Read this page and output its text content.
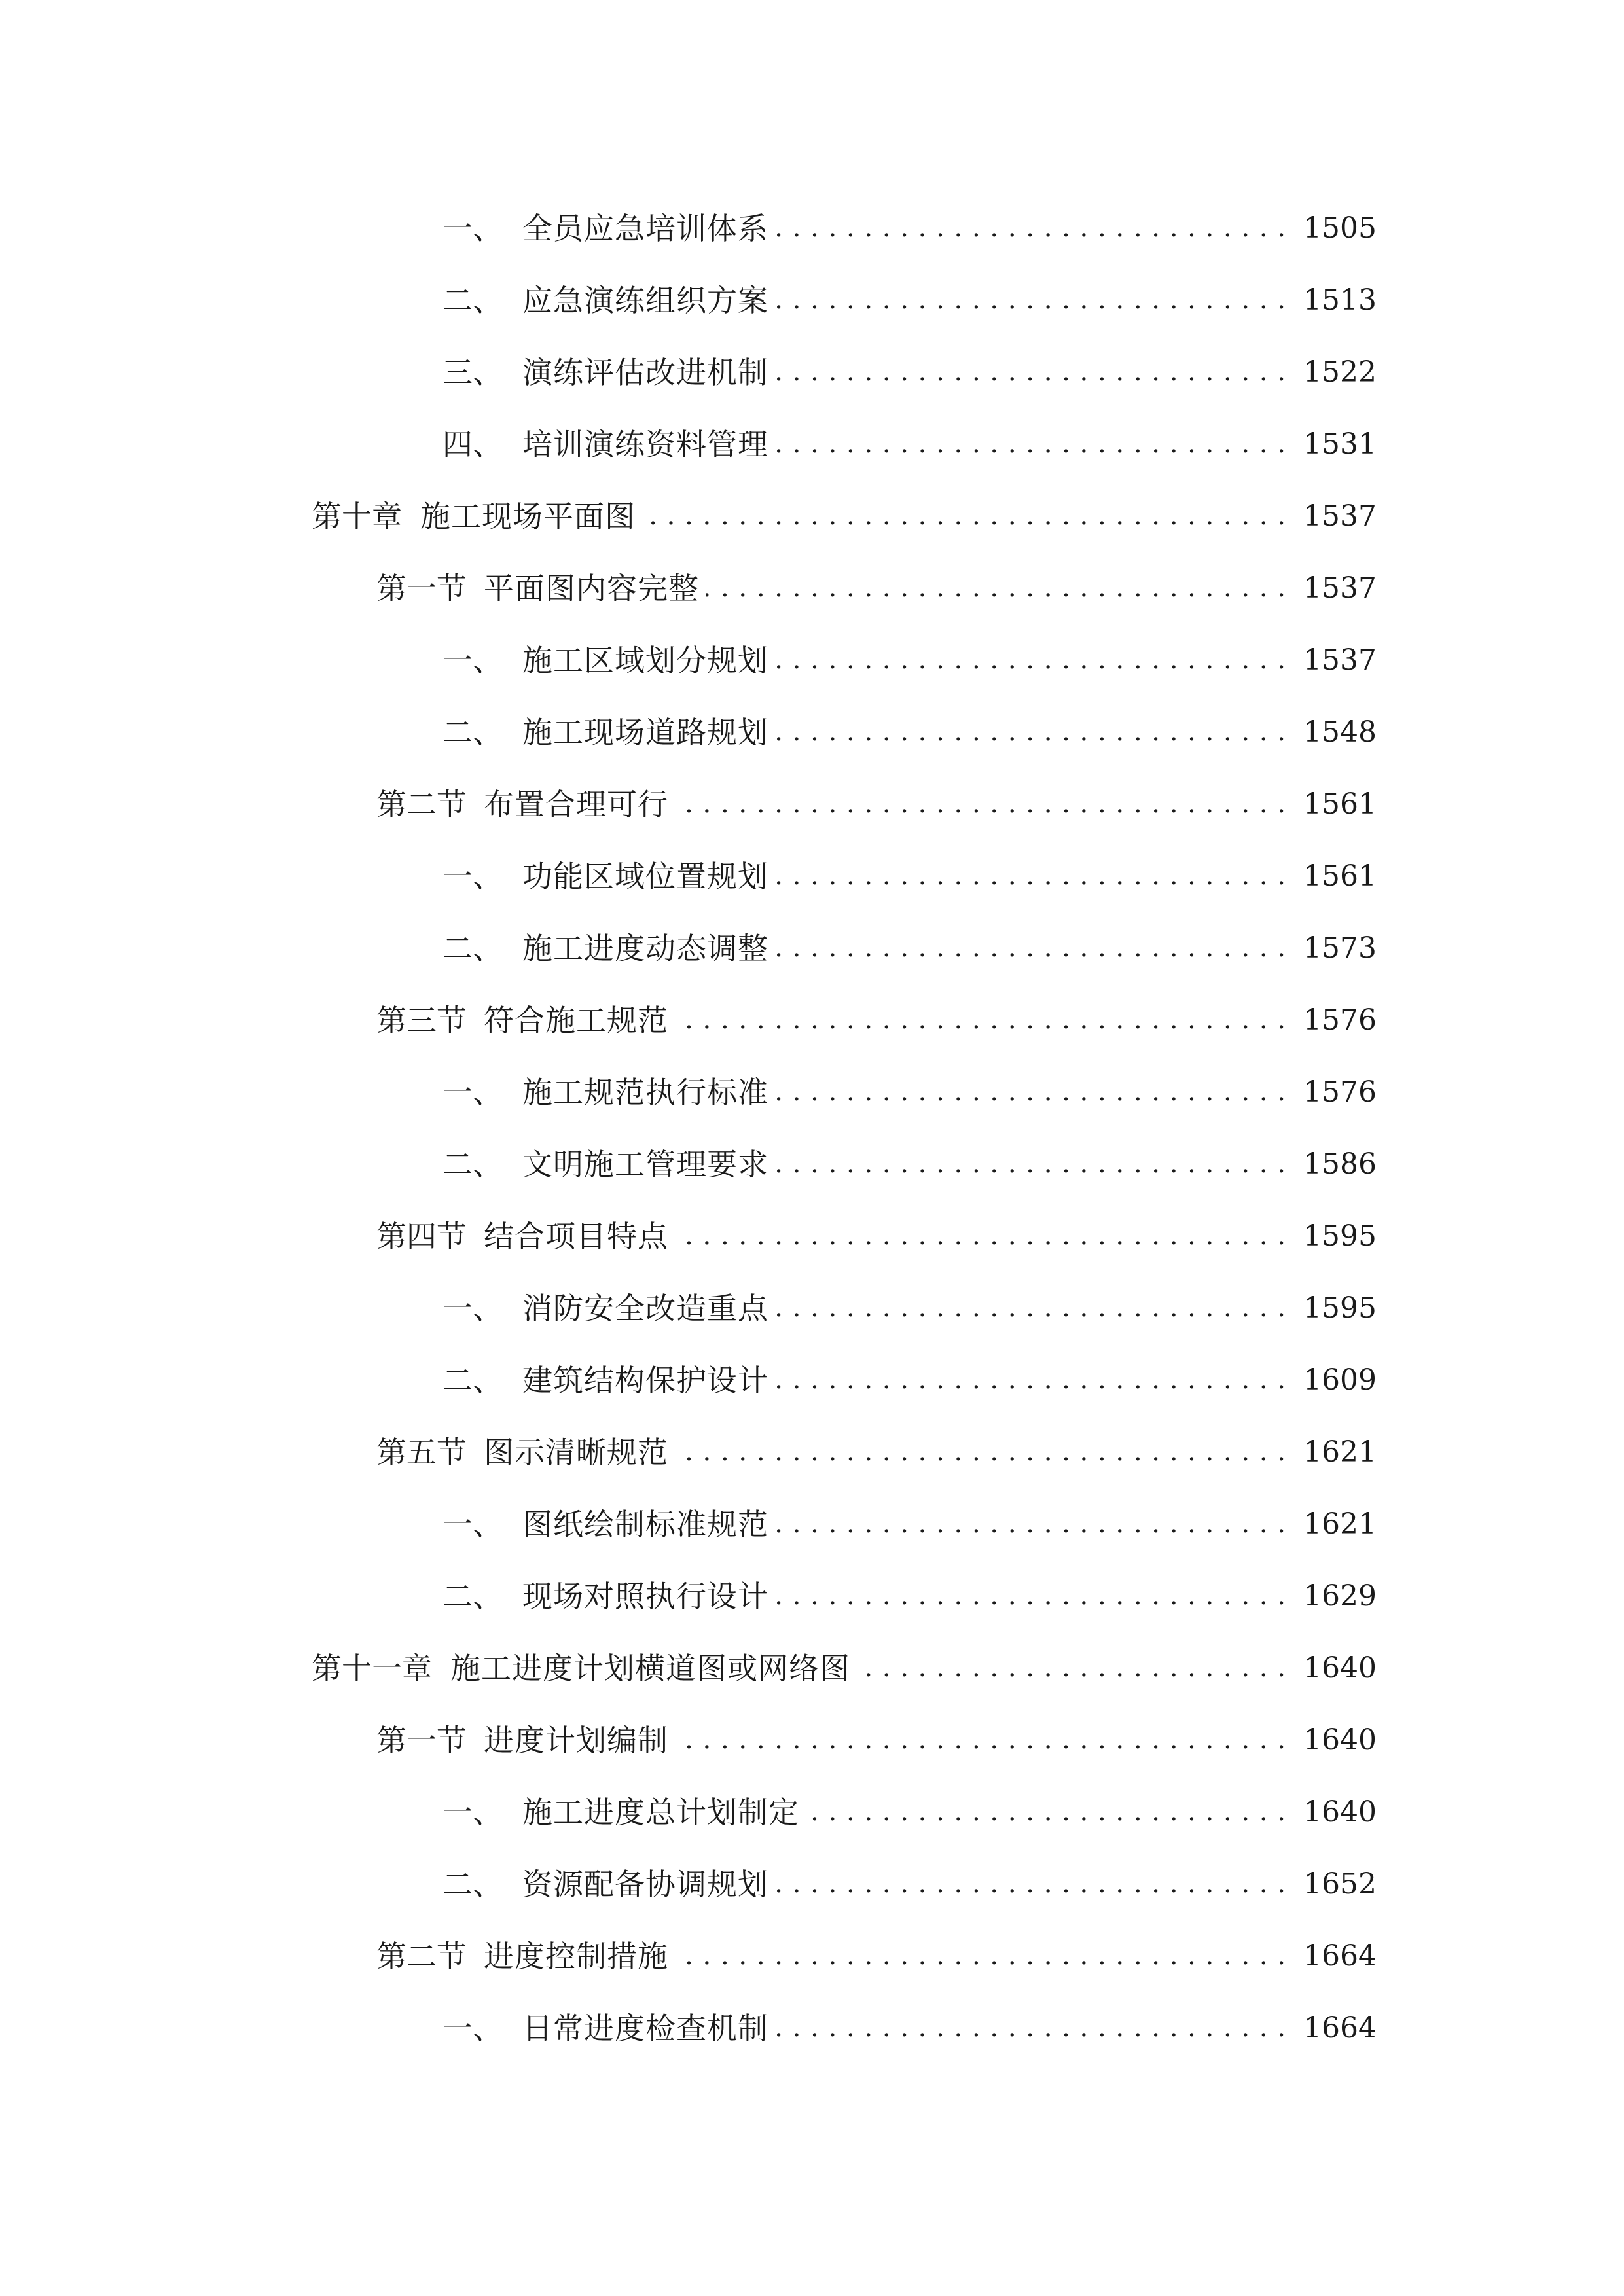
一、 全员应急培训体系 . . .	1505
二、 应急演练组织方案 . . .	1513
三、 演练评估改进机制 . . .	1522
四、 培训演练资料管理 . . .	1531
第十章 施工现场平面图 . . .	1537
第一节 平面图内容完整 . . .	1537
一、 施工区域划分规划 . . .	1537
二、 施工现场道路规划 . . .	1548
第二节 布置合理可行 . . .	1561
一、 功能区域位置规划 . . .	1561
二、 施工进度动态调整 . . .	1573
第三节 符合施工规范 . . .	1576
一、 施工规范执行标准 . . .	1576
二、 文明施工管理要求 . . .	1586
第四节 结合项目特点 . . .	1595
一、 消防安全改造重点 . . .	1595
二、 建筑结构保护设计 . . .	1609
第五节 图示清晰规范 . . .	1621
一、 图纸绘制标准规范 . . .	1621
二、 现场对照执行设计 . . .	1629
第十一章 施工进度计划横道图或网络图 . . .	1640
第一节 进度计划编制 . . .	1640
一、 施工进度总计划制定 . . .	1640
二、 资源配备协调规划 . . .	1652
第二节 进度控制措施 . . .	1664
一、 日常进度检查机制 . . .	1664
